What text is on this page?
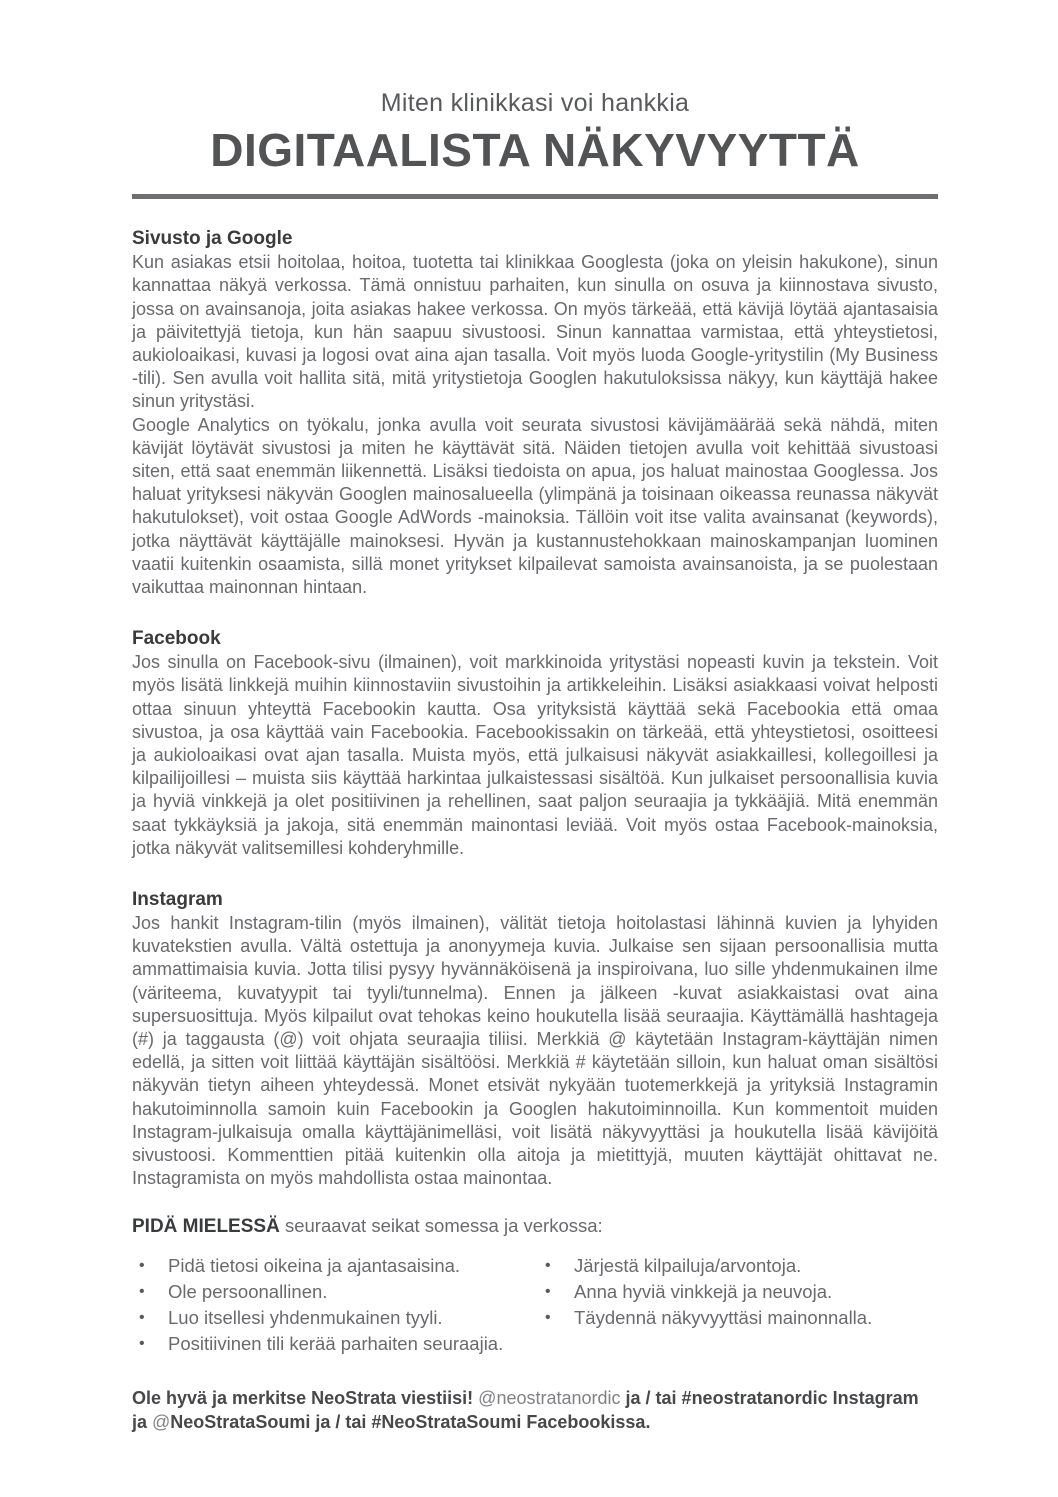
Miten klinikkasi voi hankkia
DIGITAALISTA NÄKYVYYTTÄ
Sivusto ja Google

Kun asiakas etsii hoitolaa, hoitoa, tuotetta tai klinikkaa Googlesta (joka on yleisin hakukone), sinun kannattaa näkyä verkossa. Tämä onnistuu parhaiten, kun sinulla on osuva ja kiinnostava sivusto, jossa on avainsanoja, joita asiakas hakee verkossa. On myös tärkeää, että kävijä löytää ajantasaisia ja päivitettyjä tietoja, kun hän saapuu sivustoosi. Sinun kannattaa varmistaa, että yhteystietosi, aukioloaikasi, kuvasi ja logosi ovat aina ajan tasalla. Voit myös luoda Google-yritystilin (My Business -tili). Sen avulla voit hallita sitä, mitä yritystietoja Googlen hakutuloksissa näkyy, kun käyttäjä hakee sinun yritystäsi.

Google Analytics on työkalu, jonka avulla voit seurata sivustosi kävijämäärää sekä nähdä, miten kävijät löytävät sivustosi ja miten he käyttävät sitä. Näiden tietojen avulla voit kehittää sivustoasi siten, että saat enemmän liikennettä. Lisäksi tiedoista on apua, jos haluat mainostaa Googlessa. Jos haluat yrityksesi näkyvän Googlen mainosalueella (ylimpänä ja toisinaan oikeassa reunassa näkyvät hakutulokset), voit ostaa Google AdWords -mainoksia. Tällöin voit itse valita avainsanat (keywords), jotka näyttävät käyttäjälle mainoksesi. Hyvän ja kustannustehokkaan mainoskampanjan luominen vaatii kuitenkin osaamista, sillä monet yritykset kilpailevat samoista avainsanoista, ja se puolestaan vaikuttaa mainonnan hintaan.

Facebook

Jos sinulla on Facebook-sivu (ilmainen), voit markkinoida yritystäsi nopeasti kuvin ja tekstein. Voit myös lisätä linkkejä muihin kiinnostaviin sivustoihin ja artikkeleihin. Lisäksi asiakkaasi voivat helposti ottaa sinuun yhteyttä Facebookin kautta. Osa yrityksistä käyttää sekä Facebookia että omaa sivustoa, ja osa käyttää vain Facebookia. Facebookissakin on tärkeää, että yhteystietosi, osoitteesi ja aukioloaikasi ovat ajan tasalla. Muista myös, että julkaisusi näkyvät asiakkaillesi, kollegoillesi ja kilpailijoillesi – muista siis käyttää harkintaa julkaistessasi sisältöä. Kun julkaiset persoonallisia kuvia ja hyviä vinkkejä ja olet positiivinen ja rehellinen, saat paljon seuraajia ja tykkääjiä. Mitä enemmän saat tykkäyksiä ja jakoja, sitä enemmän mainontasi leviää. Voit myös ostaa Facebook-mainoksia, jotka näkyvät valitsemillesi kohderyhmille.

Instagram

Jos hankit Instagram-tilin (myös ilmainen), välität tietoja hoitolastasi lähinnä kuvien ja lyhyiden kuvatekstien avulla. Vältä ostettuja ja anonyymeja kuvia. Julkaise sen sijaan persoonallisia mutta ammattimaisia kuvia. Jotta tilisi pysyy hyvännäköisenä ja inspiroivana, luo sille yhdenmukainen ilme (väriteema, kuvatyypit tai tyyli/tunnelma). Ennen ja jälkeen -kuvat asiakkaistasi ovat aina supersuosittuja. Myös kilpailut ovat tehokas keino houkutella lisää seuraajia. Käyttämällä hashtageja (#) ja taggausta (@) voit ohjata seuraajia tiliisi. Merkkiä @ käytetään Instagram-käyttäjän nimen edellä, ja sitten voit liittää käyttäjän sisältöösi. Merkkiä # käytetään silloin, kun haluat oman sisältösi näkyvän tietyn aiheen yhteydessä. Monet etsivät nykyään tuotemerkkejä ja yrityksiä Instagramin hakutoiminnolla samoin kuin Facebookin ja Googlen hakutoiminnoilla. Kun kommentoit muiden Instagram-julkaisuja omalla käyttäjänimelläsi, voit lisätä näkyvyyttäsi ja houkutella lisää kävijöitä sivustoosi. Kommenttien pitää kuitenkin olla aitoja ja mietittyjä, muuten käyttäjät ohittavat ne. Instagramista on myös mahdollista ostaa mainontaa.

PIDÄ MIELESSÄ seuraavat seikat somessa ja verkossa:

• Pidä tietosi oikeina ja ajantasaisina.
• Ole persoonallinen.
• Luo itsellesi yhdenmukainen tyyli.
• Positiivinen tili kerää parhaiten seuraajia.
• Järjestä kilpailuja/arvontoja.
• Anna hyviä vinkkejä ja neuvoja.
• Täydennä näkyvyyttäsi mainonnalla.

Ole hyvä ja merkitse NeoStrata viestiisi! @neostratanordic ja / tai #neostratanordic Instagram ja @NeoStrataSoumi ja / tai #NeoStrataSoumi Facebookissa.
